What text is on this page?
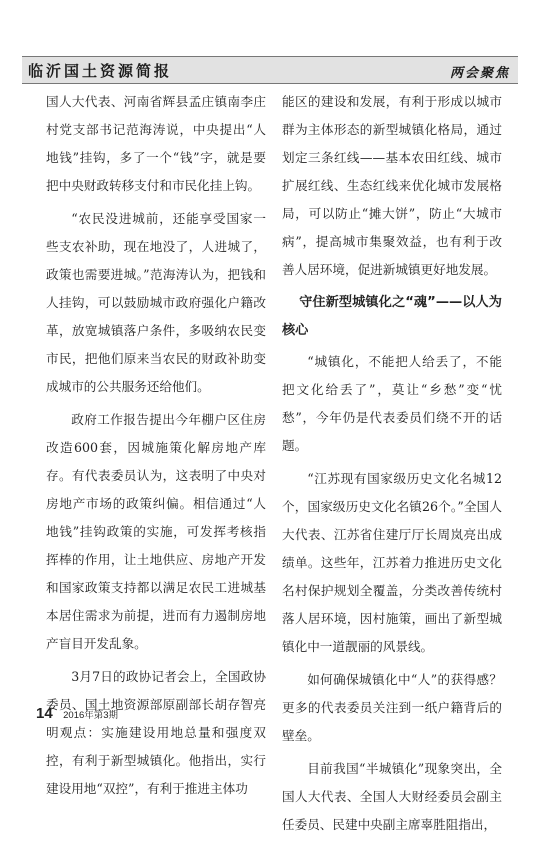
临沂国土资源简报	两会聚焦

国人大代表、河南省辉县孟庄镇南李庄村党支部书记范海涛说，中央提出“人地钱”挂钩，多了一个“钱”字，就是要把中央财政转移支付和市民化挂上钩。

“农民没进城前，还能享受国家一些支农补助，现在地没了，人进城了，政策也需要进城。”范海涛认为，把钱和人挂钩，可以鼓励城市政府强化户籍改革，放宽城镇落户条件，多吸纳农民变市民，把他们原来当农民的财政补助变成城市的公共服务还给他们。

政府工作报告提出今年棚户区住房改造600套，因城施策化解房地产库存。有代表委员认为，这表明了中央对房地产市场的政策纠偏。相信通过“人地钱”挂钩政策的实施，可发挥考核指挥棒的作用，让土地供应、房地产开发和国家政策支持都以满足农民工进城基本居住需求为前提，进而有力遏制房地产盲目开发乱象。

3月7日的政协记者会上，全国政协委员、国土地资源部原副部长胡存智亮明观点：实施建设用地总量和强度双控，有利于新型城镇化。他指出，实行建设用地“双控”，有利于推进主体功

能区的建设和发展，有利于形成以城市群为主体形态的新型城镇化格局，通过划定三条红线——基本农田红线、城市扩展红线、生态红线来优化城市发展格局，可以防止“摊大饼”，防止“大城市病”，提高城市集聚效益，也有利于改善人居环境，促进新城镇更好地发展。

守住新型城镇化之“魂”——以人为核心

“城镇化，不能把人给丢了，不能把文化给丢了”，莫让“乡愁”变“忧愁”，今年仍是代表委员们绕不开的话题。

“江苏现有国家级历史文化名城12个，国家级历史文化名镇26个。”全国人大代表、江苏省住建厅厅长周岚亮出成绩单。这些年，江苏着力推进历史文化名村保护规划全覆盖，分类改善传统村落人居环境，因村施策，画出了新型城镇化中一道靓丽的风景线。

如何确保城镇化中“人”的获得感？更多的代表委员关注到一纸户籍背后的壁垒。

目前我国“半城镇化”现象突出，全国人大代表、全国人大财经委员会副主任委员、民建中央副主席辜胜阻指出，

14 2016年第3期
